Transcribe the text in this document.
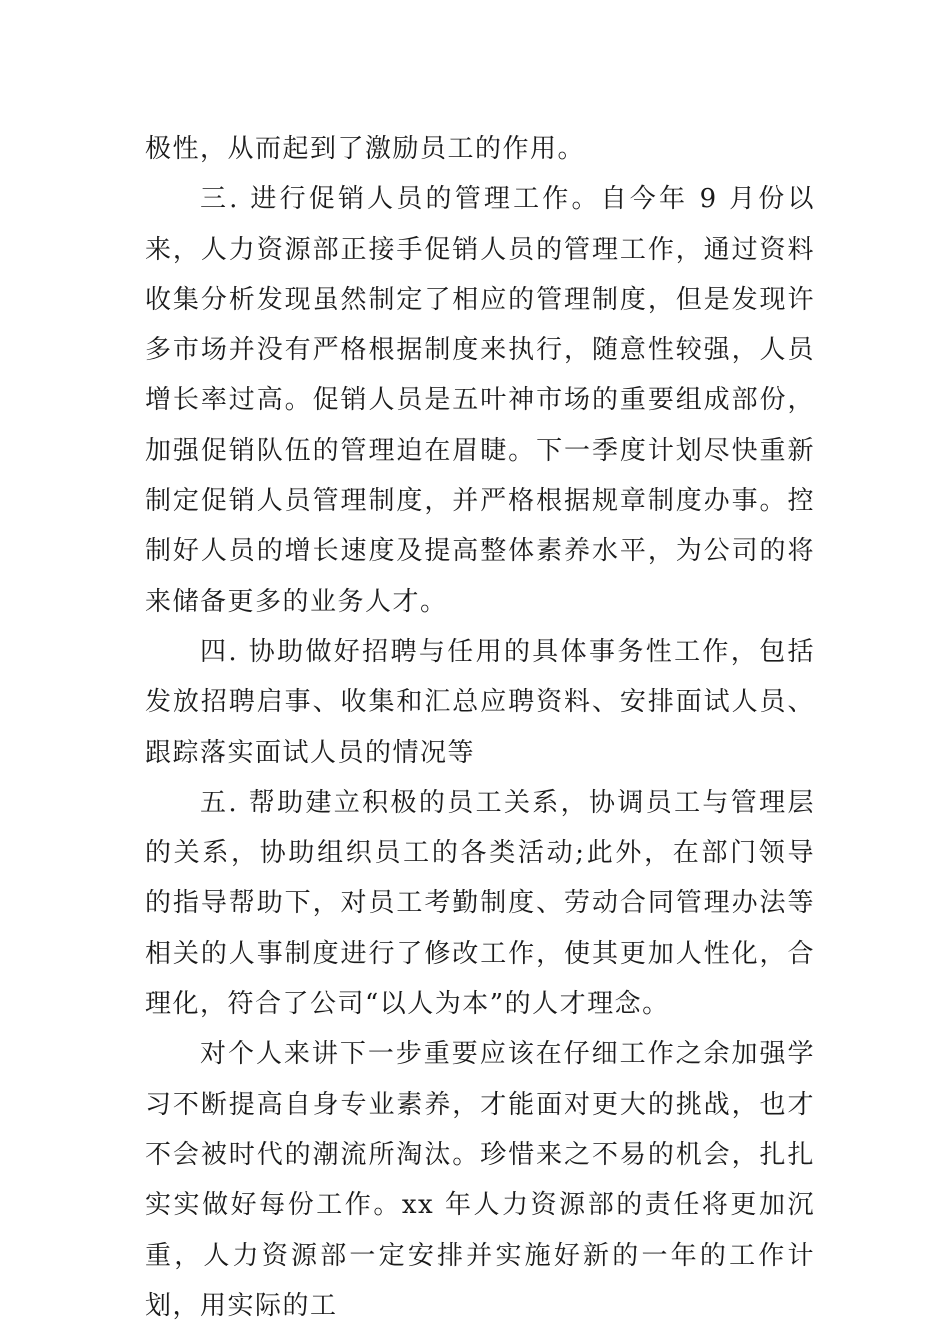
极性，从而起到了激励员工的作用。

三. 进行促销人员的管理工作。自今年 9 月份以来，人力资源部正接手促销人员的管理工作，通过资料收集分析发现虽然制定了相应的管理制度，但是发现许多市场并没有严格根据制度来执行，随意性较强，人员增长率过高。促销人员是五叶神市场的重要组成部份，加强促销队伍的管理迫在眉睫。下一季度计划尽快重新制定促销人员管理制度，并严格根据规章制度办事。控制好人员的增长速度及提高整体素养水平，为公司的将来储备更多的业务人才。

四. 协助做好招聘与任用的具体事务性工作，包括发放招聘启事、收集和汇总应聘资料、安排面试人员、跟踪落实面试人员的情况等

五. 帮助建立积极的员工关系，协调员工与管理层的关系，协助组织员工的各类活动;此外，在部门领导的指导帮助下，对员工考勤制度、劳动合同管理办法等相关的人事制度进行了修改工作，使其更加人性化，合理化，符合了公司“以人为本”的人才理念。

对个人来讲下一步重要应该在仔细工作之余加强学习不断提高自身专业素养，才能面对更大的挑战，也才不会被时代的潮流所淘汰。珍惜来之不易的机会，扎扎实实做好每份工作。xx 年人力资源部的责任将更加沉重，人力资源部一定安排并实施好新的一年的工作计划，用实际的工
